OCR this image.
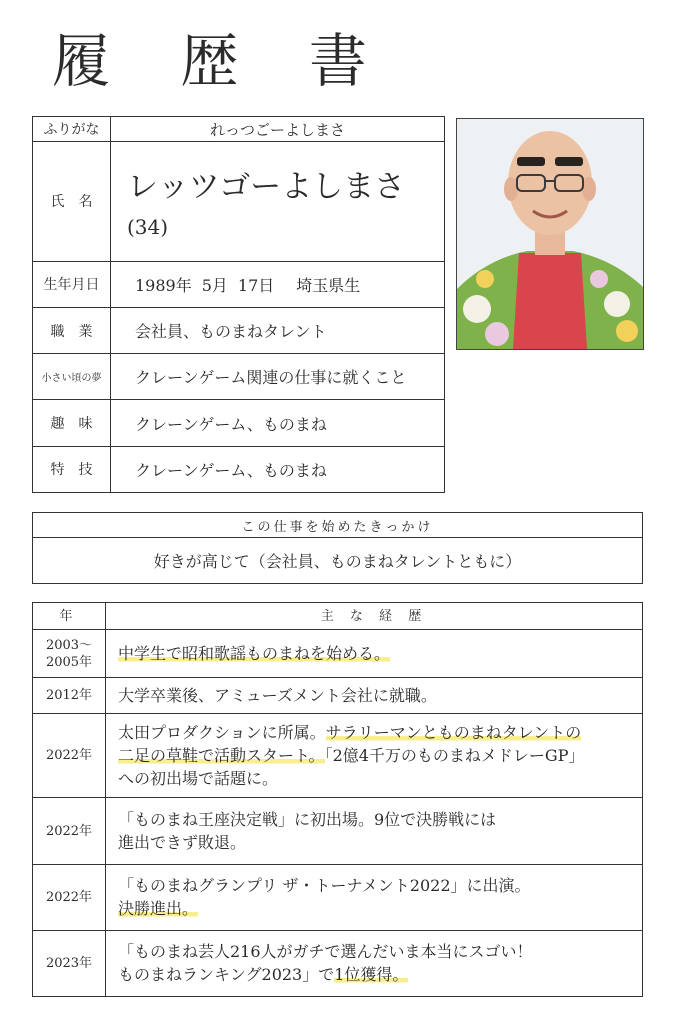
履 歴 書
ふりがな	れっつごーよしまさ
氏　名	レッツゴーよしまさ(34)
生年月日	1989年 5月 17日 埼玉県生
職　業	会社員、ものまねタレント
小さい頃の夢	クレーンゲーム関連の仕事に就くこと
趣　味	クレーンゲーム、ものまね
特　技	クレーンゲーム、ものまね
この仕事を始めたきっかけ
好きが高じて（会社員、ものまねタレントともに）
年	主 な 経 歴
2003〜
2005年	中学生で昭和歌謡ものまねを始める。
2012年	大学卒業後、アミューズメント会社に就職。
2022年	太田プロダクションに所属。サラリーマンとものまねタレントの
二足の草鞋で活動スタート。「2億4千万のものまねメドレーGP」
への初出場で話題に。
2022年	「ものまね王座決定戦」に初出場。9位で決勝戦には
進出できず敗退。
2022年	「ものまねグランプリ ザ・トーナメント2022」に出演。
決勝進出。
2023年	「ものまね芸人216人がガチで選んだいま本当にスゴい！
ものまねランキング2023」で1位獲得。
